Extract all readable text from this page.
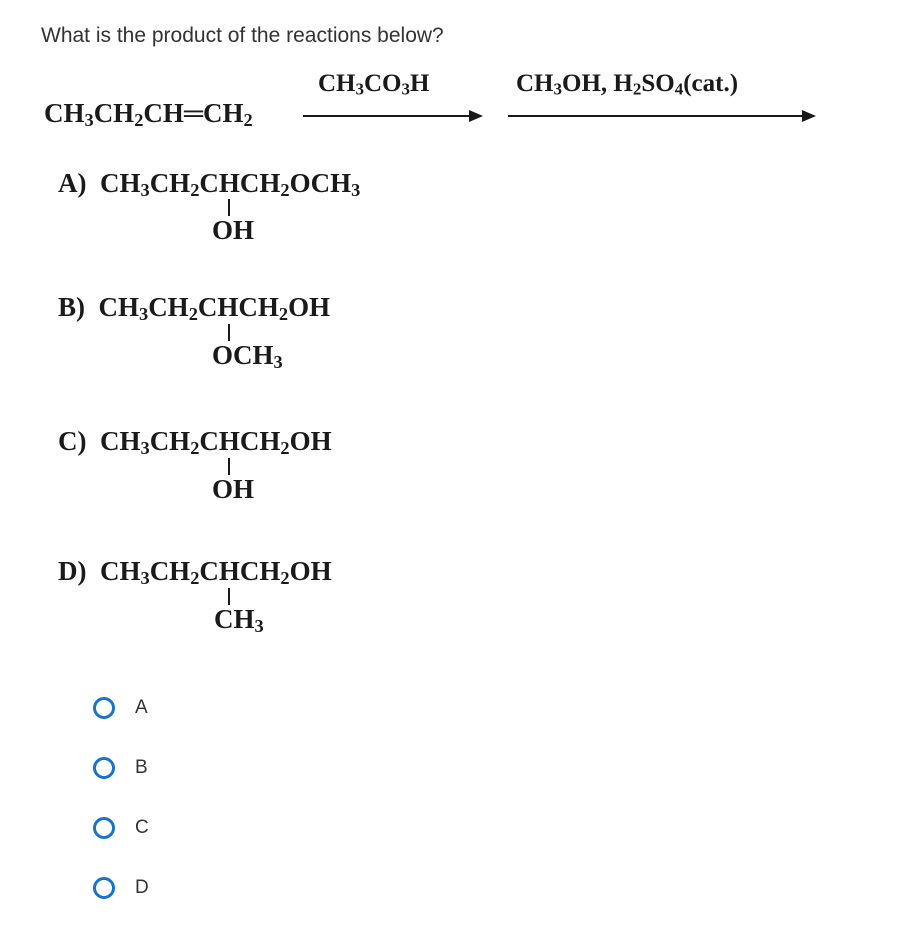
What is the product of the reactions below?
$CH_3CH_2CH═CH_2$
$CH_3CO_3H$	$CH_3OH$, $H_2SO_4(cat.)$
A) $CH_3CH_2CHCH_2OCH_3$
OH
B) $CH_3CH_2CHCH_2OH$
$OCH_3$
C) $CH_3CH_2CHCH_2OH$
OH
D) $CH_3CH_2CHCH_2OH$
$CH_3$
A
B
C
D
